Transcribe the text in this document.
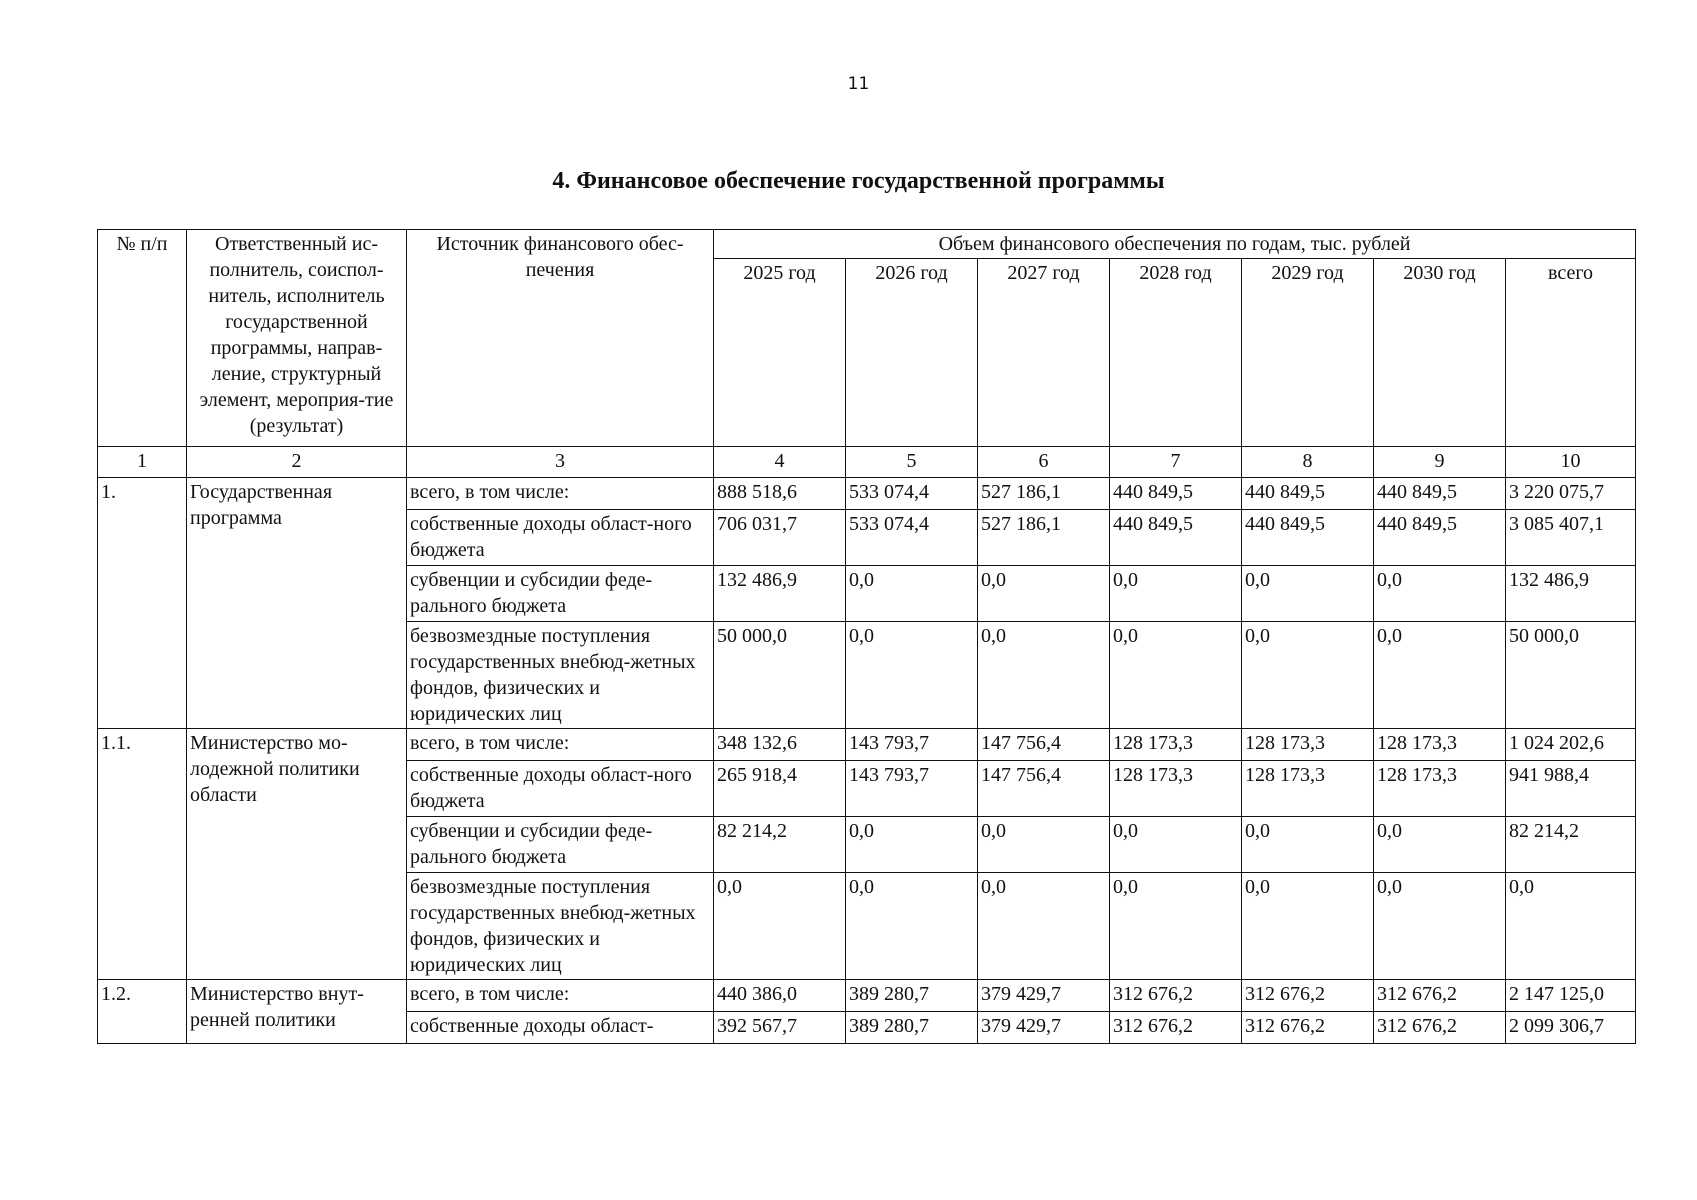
11
4. Финансовое обеспечение государственной программы
№ п/п	Ответственный ис-полнитель, соиспол-нитель, исполнитель государственной программы, направ-ление, структурный элемент, мероприя-тие (результат)	Источник финансового обес-печения	Объем финансового обеспечения по годам, тыс. рублей						
			2025 год	2026 год	2027 год	2028 год	2029 год	2030 год	всего
1	2	3	4	5	6	7	8	9	10
1.	Государственная программа	всего, в том числе:	888 518,6	533 074,4	527 186,1	440 849,5	440 849,5	440 849,5	3 220 075,7
		собственные доходы област-ного бюджета	706 031,7	533 074,4	527 186,1	440 849,5	440 849,5	440 849,5	3 085 407,1
		субвенции и субсидии феде-рального бюджета	132 486,9	0,0	0,0	0,0	0,0	0,0	132 486,9
		безвозмездные поступления государственных внебюд-жетных фондов, физических и юридических лиц	50 000,0	0,0	0,0	0,0	0,0	0,0	50 000,0
1.1.	Министерство мо-лодежной политики области	всего, в том числе:	348 132,6	143 793,7	147 756,4	128 173,3	128 173,3	128 173,3	1 024 202,6
		собственные доходы област-ного бюджета	265 918,4	143 793,7	147 756,4	128 173,3	128 173,3	128 173,3	941 988,4
		субвенции и субсидии феде-рального бюджета	82 214,2	0,0	0,0	0,0	0,0	0,0	82 214,2
		безвозмездные поступления государственных внебюд-жетных фондов, физических и юридических лиц	0,0	0,0	0,0	0,0	0,0	0,0	0,0
1.2.	Министерство внут-ренней политики	всего, в том числе:	440 386,0	389 280,7	379 429,7	312 676,2	312 676,2	312 676,2	2 147 125,0
		собственные доходы област-	392 567,7	389 280,7	379 429,7	312 676,2	312 676,2	312 676,2	2 099 306,7
